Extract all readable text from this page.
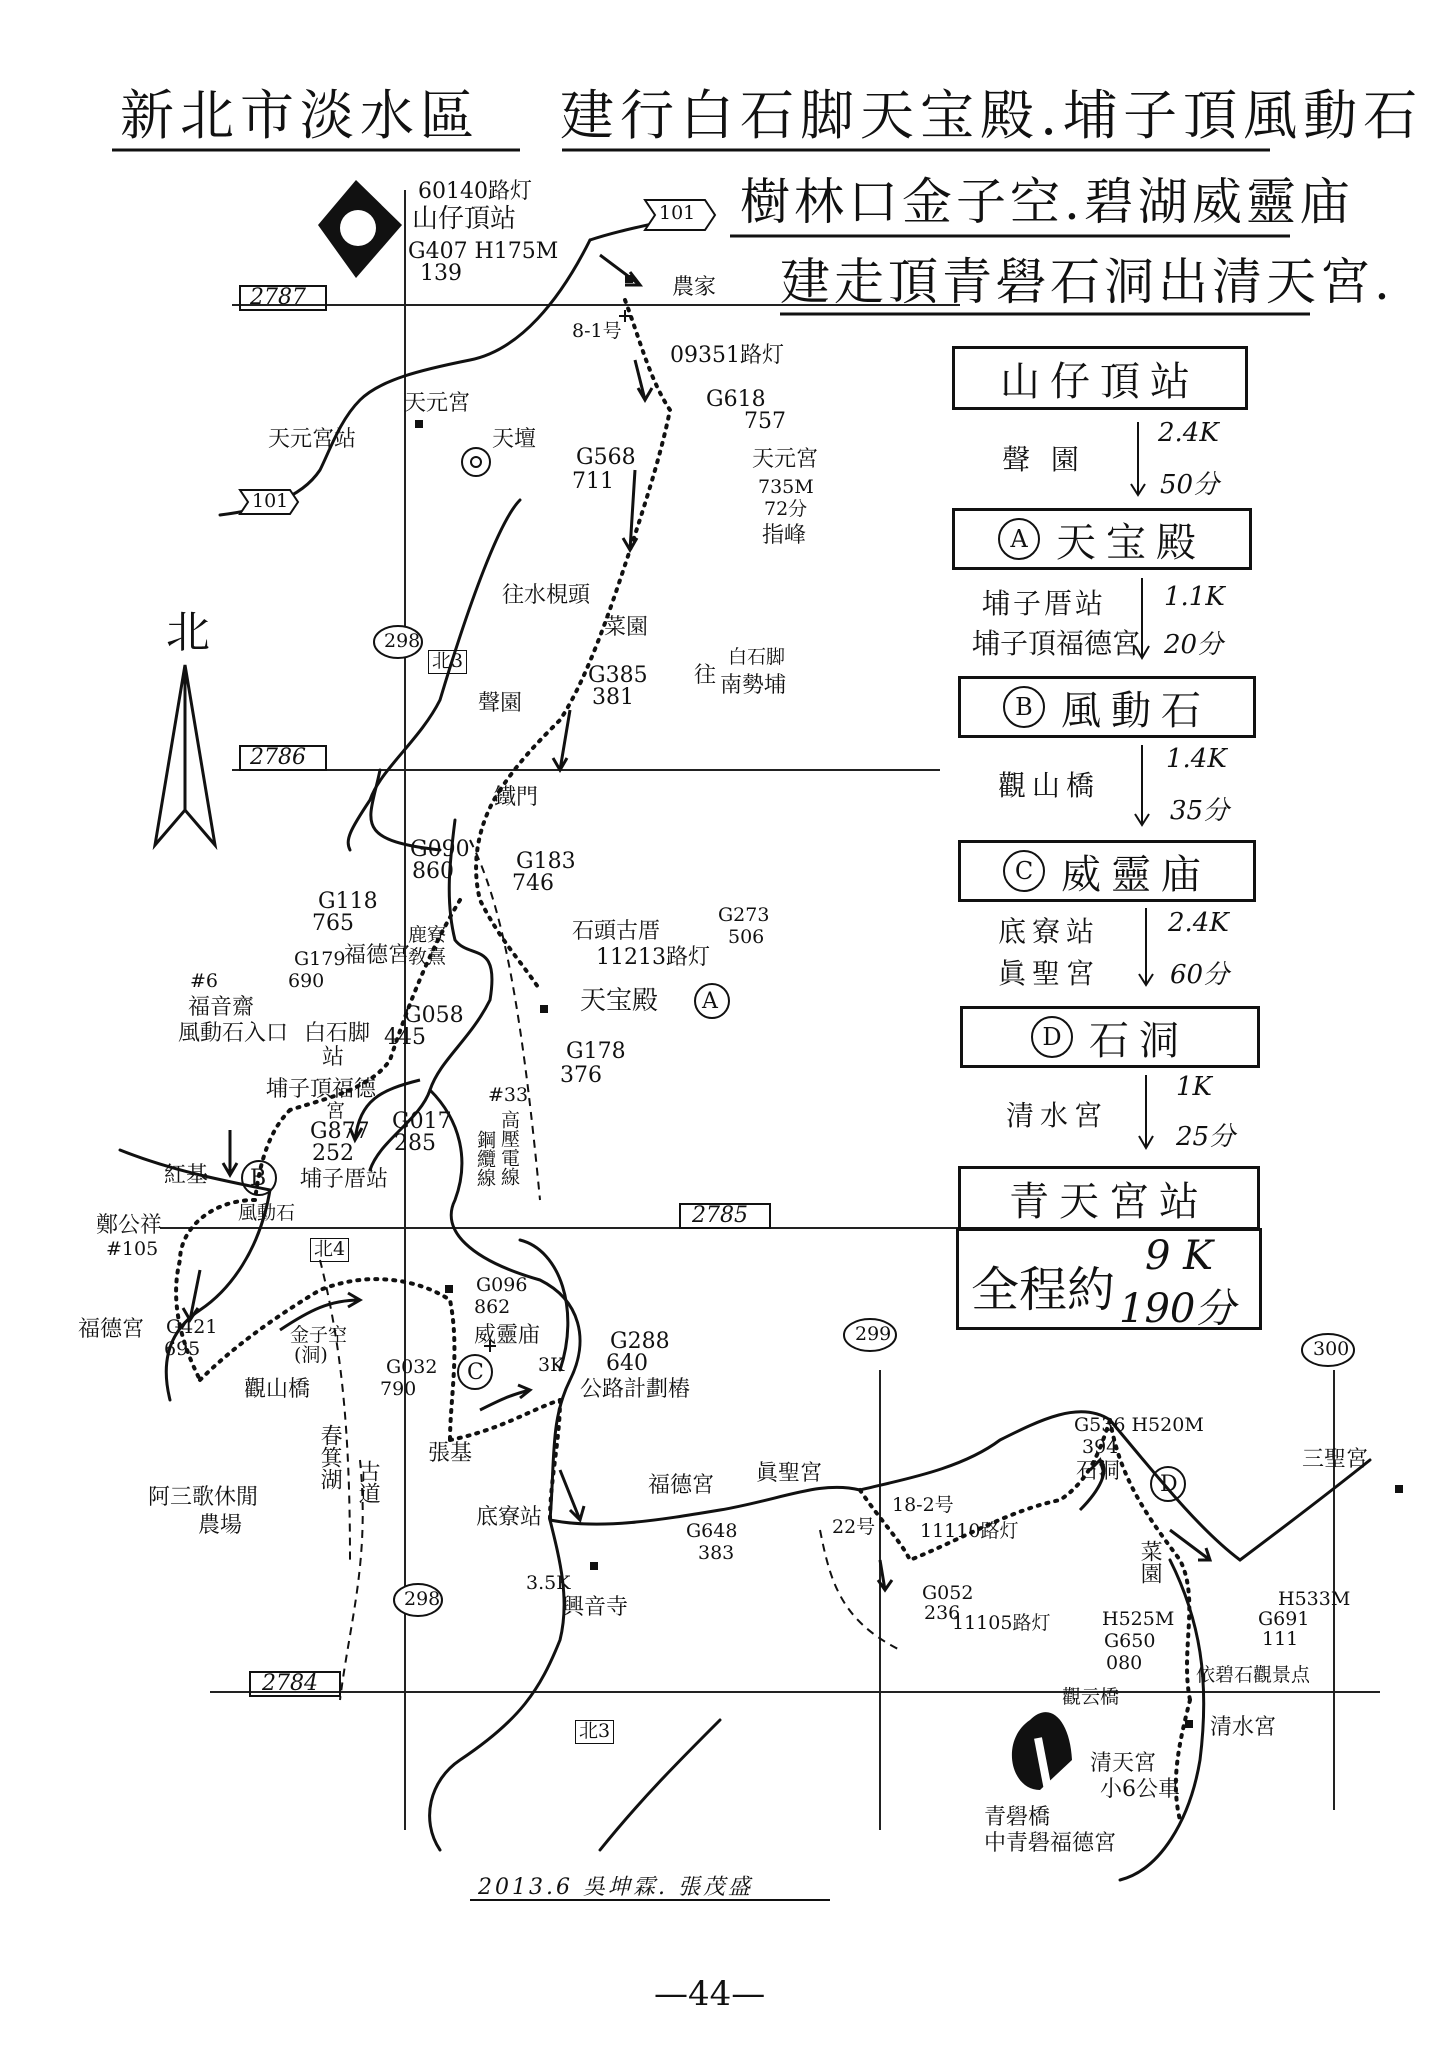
新北市淡水區 建行白石脚天宝殿.埔子頂風動石
樹林口金子空.碧湖威靈庙
建走頂青礐石洞出清天宮.
北
2787
2786
2785
2784
101
101
298
298
299
300
北3
北3
北4
60140路灯
山仔頂站
G407 H175M
139
農家
8-1号
09351路灯
G618
757
天元宮
天元宮站	天壇
G568
711
天元宮
735M
72分
指峰
往水梘頭
菜園
G385
381
往
白石脚
南勢埔
聲園
鐵門
G090
860	G183
746
G118
765
G179
690
福德宮
鹿寮
敎熹
石頭古厝
11213路灯
G273
506
天宝殿 A
#6
福音齋
風動石入口 白石脚
站
G058
445
G178
376
#33
高壓電線
鋼纜線
埔子頂福德
宮 G017
285
G877
252
埔子厝站
紅基 B
風動石
鄭公祥
#105
福德宮 G421
695
金子空
(洞)
觀山橋
G096
862
威靈庙
G032
790
C	3K
G288
640
公路計劃樁
張基
春箕湖 古道
阿三歌休閒
農場	底寮站
福德宮 眞聖宮
G648
383
22号
18-2号
11110路灯
G052
236
11105路灯
3.5K
興音寺
G536 H520M
394
石洞
D
菜園
三聖宮
H533M
G691
111
H525M
G650
080
依碧石觀景点
觀云橋
清水宮
清天宮
小6公車
青礐橋
中青礐福德宮
山仔頂站
聲 園
2.4K
50分
A 天宝殿
埔子厝站
埔子頂福德宮
1.1K
20分
B 風動石
觀山橋
1.4K
35分
C 威靈庙
底寮站
眞聖宮
2.4K
60分
D 石洞
清水宮
1K
25分
青天宮站
全程約
9 K
190分
2013.6 吳坤霖. 張茂盛
—44—
